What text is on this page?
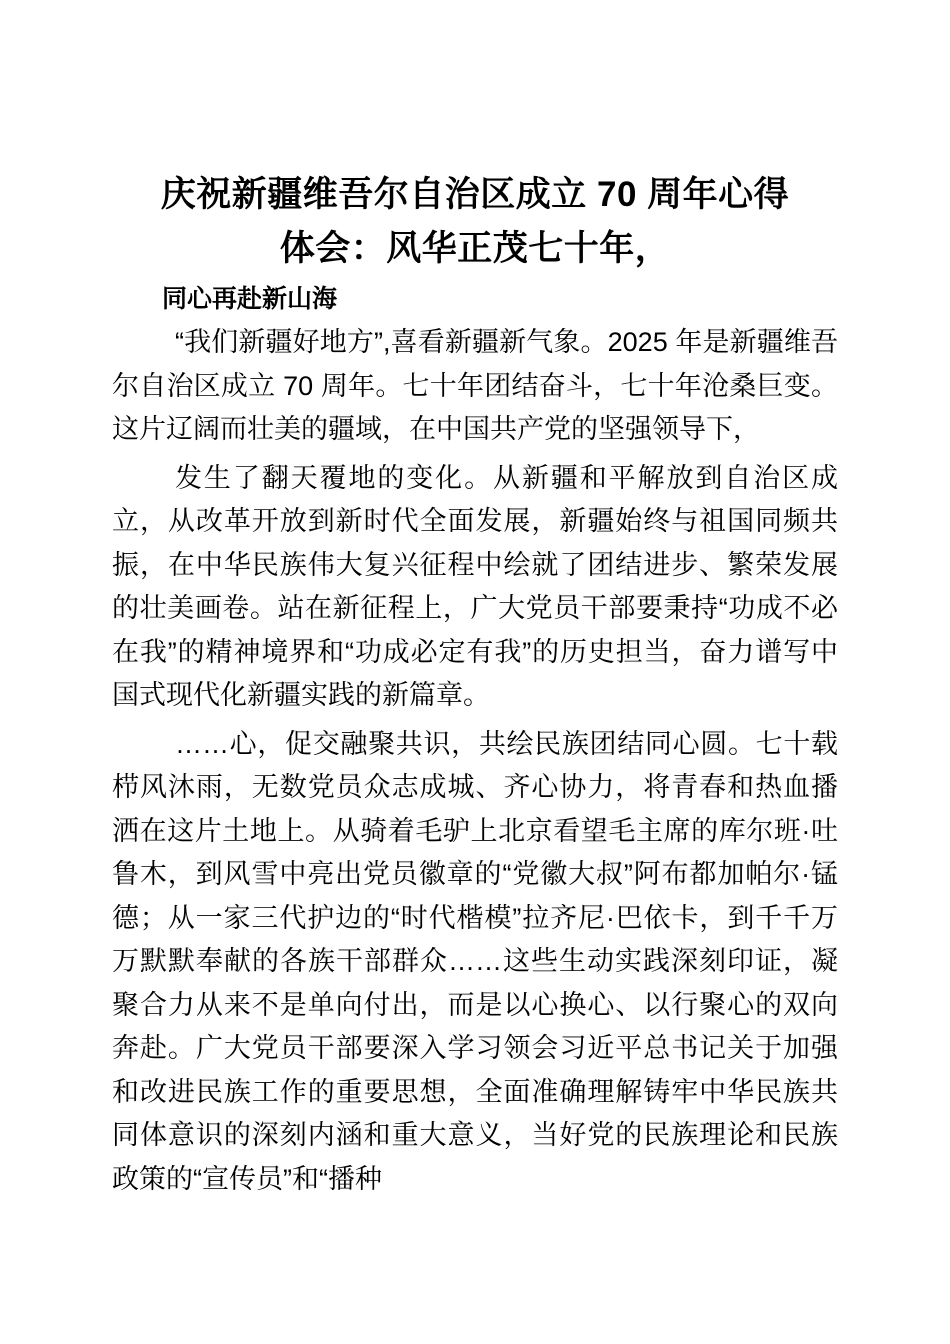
庆祝新疆维吾尔自治区成立 70 周年心得体会：风华正茂七十年，

同心再赴新山海

“我们新疆好地方”,喜看新疆新气象。2025 年是新疆维吾尔自治区成立 70 周年。七十年团结奋斗，七十年沧桑巨变。这片辽阔而壮美的疆域，在中国共产党的坚强领导下，

发生了翻天覆地的变化。从新疆和平解放到自治区成立，从改革开放到新时代全面发展，新疆始终与祖国同频共振，在中华民族伟大复兴征程中绘就了团结进步、繁荣发展的壮美画卷。站在新征程上，广大党员干部要秉持“功成不必在我”的精神境界和“功成必定有我”的历史担当，奋力谱写中国式现代化新疆实践的新篇章。

……心，促交融聚共识，共绘民族团结同心圆。七十载栉风沐雨，无数党员众志成城、齐心协力，将青春和热血播洒在这片土地上。从骑着毛驴上北京看望毛主席的库尔班·吐鲁木，到风雪中亮出党员徽章的“党徽大叔”阿布都加帕尔·锰德；从一家三代护边的“时代楷模”拉齐尼·巴依卡，到千千万万默默奉献的各族干部群众……这些生动实践深刻印证，凝聚合力从来不是单向付出，而是以心换心、以行聚心的双向奔赴。广大党员干部要深入学习领会习近平总书记关于加强和改进民族工作的重要思想，全面准确理解铸牢中华民族共同体意识的深刻内涵和重大意义，当好党的民族理论和民族政策的“宣传员”和“播种
